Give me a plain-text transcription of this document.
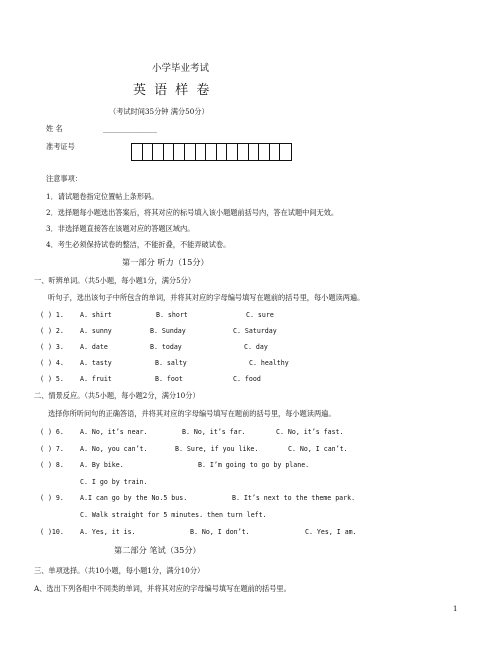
小学毕业考试
英 语 样 卷
（考试时间35分钟 满分50分）
姓 名	_______________
准考证号
注意事项：
1．请试题卷指定位置帖上条形码。
2．选择题每小题选出答案后，将其对应的标号填入该小题题前括号内，答在试题中间无效。
3．非选择题直接答在该题对应的答题区域内。
4．考生必须保持试卷的整洁，不能折叠，不能弄破试卷。
第一部分 听力（15分）
一、听辨单词。（共5小题，每小题1分，满分5分）
听句子，选出该句子中所包含的单词，并将其对应的字母编号填写在题前的括号里，每小题读两遍。
( ) 1. A. shirt	B. short	C. sure
( ) 2. A. sunny	B. Sunday	C. Saturday
( ) 3. A. date	B. today	C. day
( ) 4. A. tasty	B. salty	C. healthy
( ) 5. A. fruit	B. foot	C. food
二、情景反应。（共5小题，每小题2分，满分10分）
选择你所听问句的正确答语，并将其对应的字母编号填写在题前的括号里，每小题读两遍。
( ) 6. A. No, it’s near.	B. No, it’s far.	C. No, it’s fast.
( ) 7. A. No, you can’t.	B. Sure, if you like.	C. No, I can’t.
( ) 8. A. By bike.	B. I’m going to go by plane.
C. I go by train.
( ) 9. A.I can go by the No.5 bus.	B. It’s next to the theme park.
C. Walk straight for 5 minutes. then turn left.
( )10. A. Yes, it is.	B. No, I don’t.	C. Yes, I am.
第二部分 笔试（35分）
三、单项选择。（共10小题，每小题1分，满分10分）
A、选出下列各组中不同类的单词，并将其对应的字母编号填写在题前的括号里。
1
